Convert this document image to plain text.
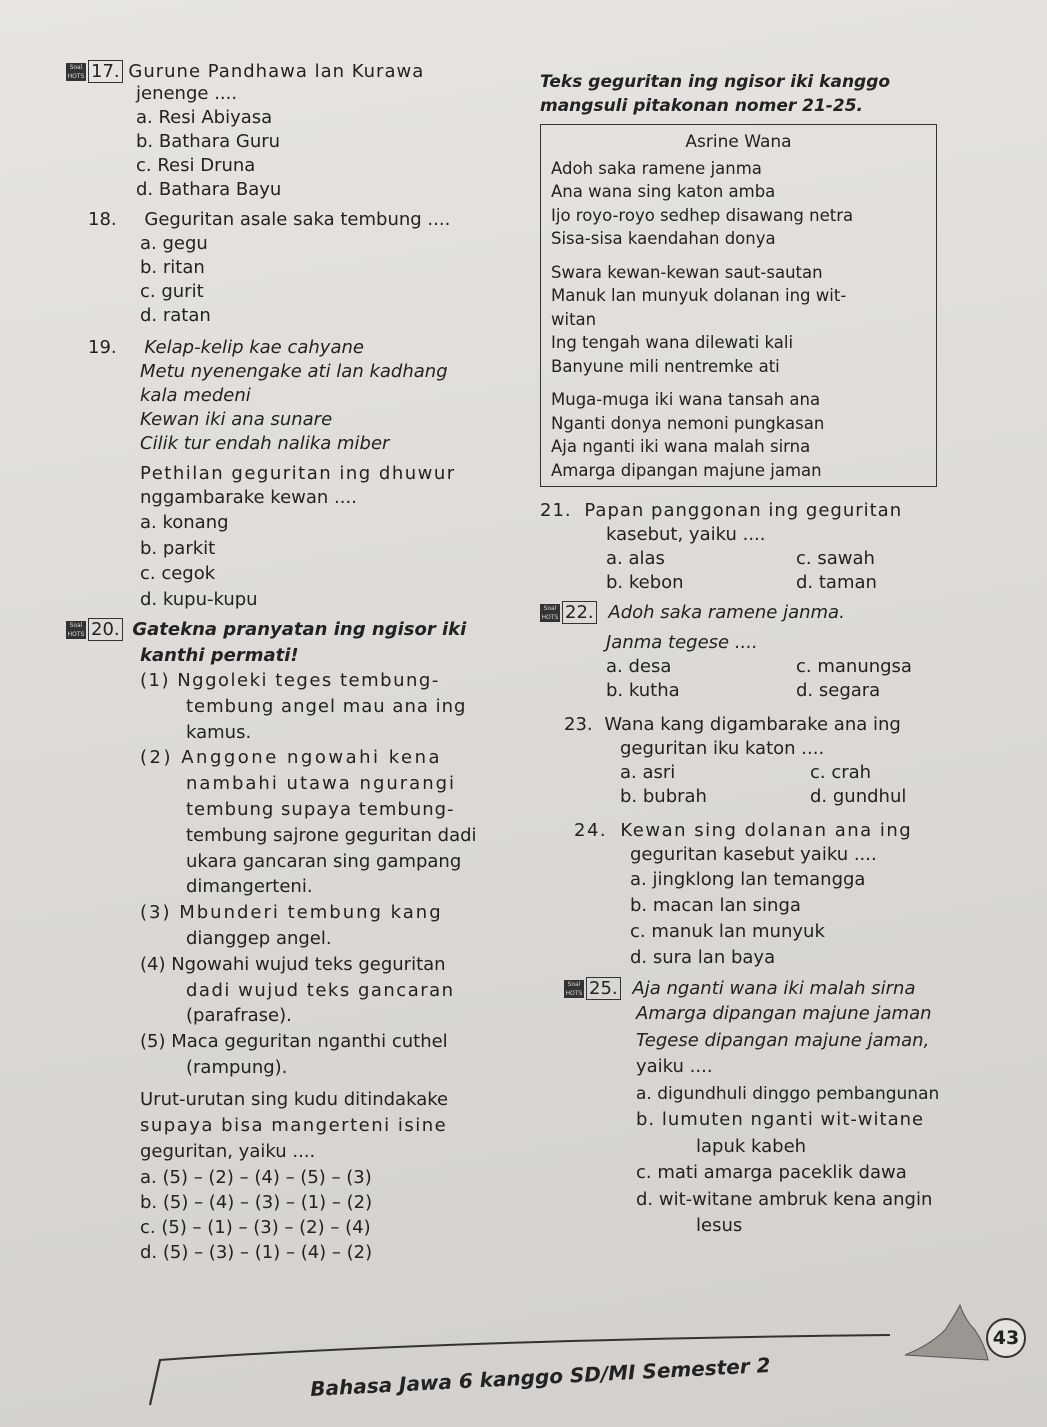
Soal HOTS 17. Gurune Pandhawa lan Kurawa
jenenge ....
a. Resi Abiyasa
b. Bathara Guru
c. Resi Druna
d. Bathara Bayu
18. Geguritan asale saka tembung ....
a. gegu
b. ritan
c. gurit
d. ratan
19. Kelap-kelip kae cahyane
Metu nyenengake ati lan kadhang
kala medeni
Kewan iki ana sunare
Cilik tur endah nalika miber
Pethilan geguritan ing dhuwur
nggambarake kewan ....
a. konang
b. parkit
c. cegok
d. kupu-kupu
Soal HOTS 20. Gatekna pranyatan ing ngisor iki
kanthi permati!
(1) Nggoleki teges tembung-
tembung angel mau ana ing
kamus.
(2) Anggone ngowahi kena
nambahi utawa ngurangi
tembung supaya tembung-
tembung sajrone geguritan dadi
ukara gancaran sing gampang
dimangerteni.
(3) Mbunderi tembung kang
dianggep angel.
(4) Ngowahi wujud teks geguritan
dadi wujud teks gancaran
(parafrase).
(5) Maca geguritan nganthi cuthel
(rampung).
Urut-urutan sing kudu ditindakake
supaya bisa mangerteni isine
geguritan, yaiku ....
a. (5) – (2) – (4) – (5) – (3)
b. (5) – (4) – (3) – (1) – (2)
c. (5) – (1) – (3) – (2) – (4)
d. (5) – (3) – (1) – (4) – (2)
Teks geguritan ing ngisor iki kanggo
mangsuli pitakonan nomer 21-25.
Asrine Wana
Adoh saka ramene janma
Ana wana sing katon amba
Ijo royo-royo sedhep disawang netra
Sisa-sisa kaendahan donya
Swara kewan-kewan saut-sautan
Manuk lan munyuk dolanan ing wit-
witan
Ing tengah wana dilewati kali
Banyune mili nentremke ati
Muga-muga iki wana tansah ana
Nganti donya nemoni pungkasan
Aja nganti iki wana malah sirna
Amarga dipangan majune jaman
21. Papan panggonan ing geguritan
kasebut, yaiku ....
a. alas	c. sawah
b. kebon	d. taman
Soal HOTS 22. Adoh saka ramene janma.
Janma tegese ....
a. desa	c. manungsa
b. kutha	d. segara
23. Wana kang digambarake ana ing
geguritan iku katon ....
a. asri	c. crah
b. bubrah	d. gundhul
24. Kewan sing dolanan ana ing
geguritan kasebut yaiku ....
a. jingklong lan temangga
b. macan lan singa
c. manuk lan munyuk
d. sura lan baya
Soal HOTS 25. Aja nganti wana iki malah sirna
Amarga dipangan majune jaman
Tegese dipangan majune jaman,
yaiku ....
a. digundhuli dinggo pembangunan
b. lumuten nganti wit-witane
lapuk kabeh
c. mati amarga paceklik dawa
d. wit-witane ambruk kena angin
lesus
Bahasa Jawa 6 kanggo SD/MI Semester 2
43
